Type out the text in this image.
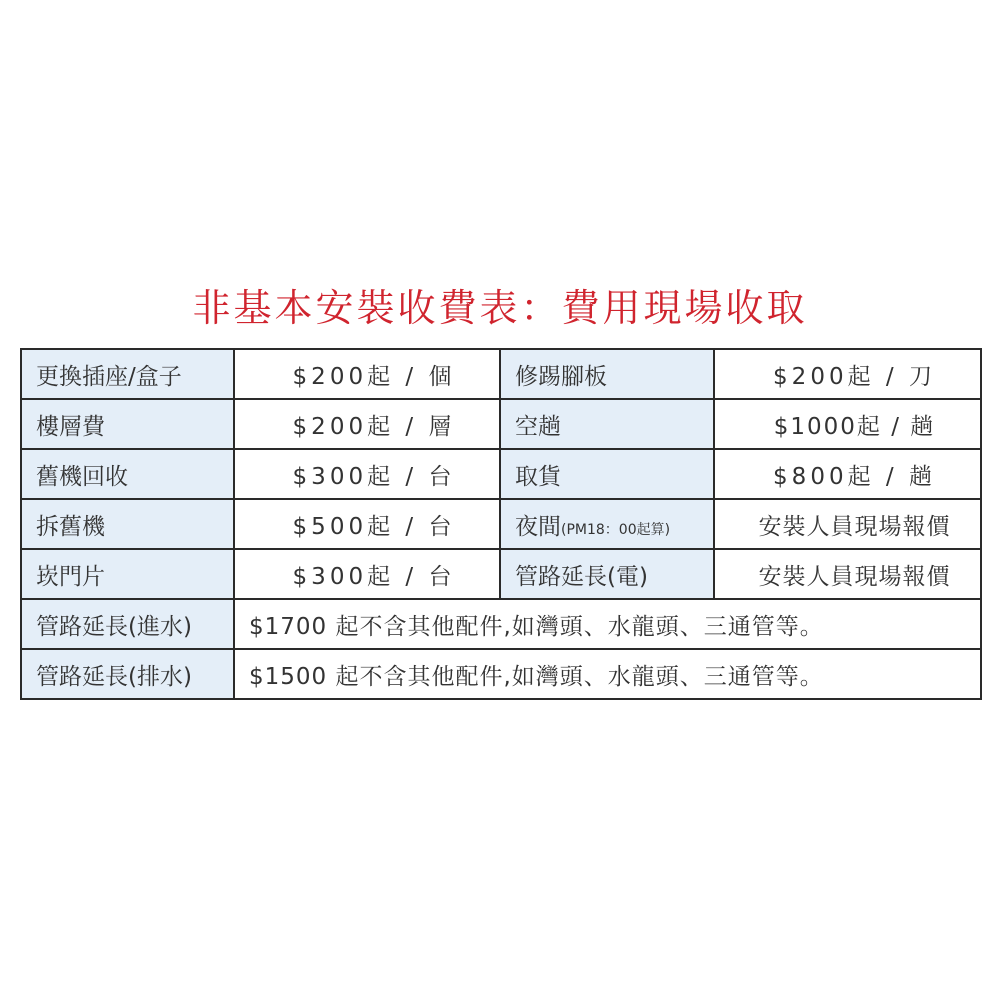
非基本安裝收費表：費用現場收取
更換插座/盒子	$200起 / 個	修踢腳板	$200起 / 刀
樓層費	$200起 / 層	空趟	$1000起 / 趟
舊機回收	$300起 / 台	取貨	$800起 / 趟
拆舊機	$500起 / 台	夜間(PM18：00起算)	安裝人員現場報價
崁門片	$300起 / 台	管路延長(電)	安裝人員現場報價
管路延長(進水)	$1700 起不含其他配件,如灣頭、水龍頭、三通管等。		
管路延長(排水)	$1500 起不含其他配件,如灣頭、水龍頭、三通管等。		
